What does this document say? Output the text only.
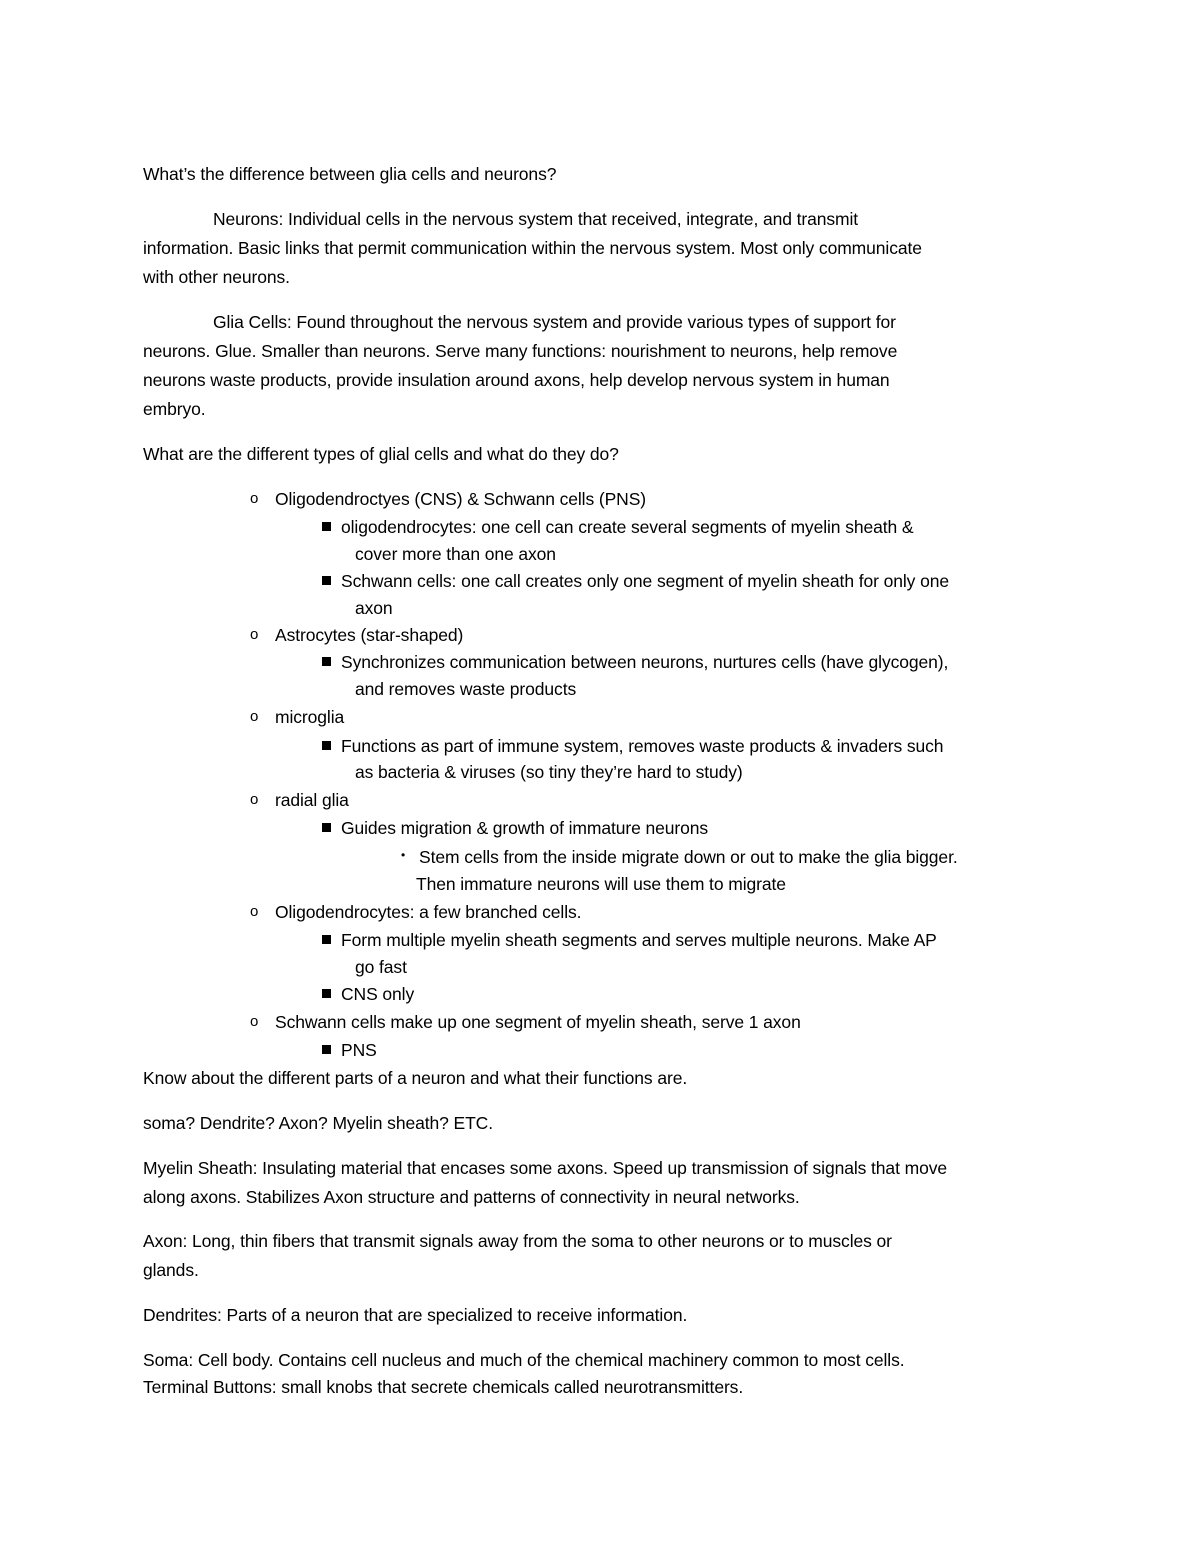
What’s the difference between glia cells and neurons?
Neurons: Individual cells in the nervous system that received, integrate, and transmit
information. Basic links that permit communication within the nervous system. Most only communicate
with other neurons.
Glia Cells: Found throughout the nervous system and provide various types of support for
neurons. Glue. Smaller than neurons. Serve many functions: nourishment to neurons, help remove
neurons waste products, provide insulation around axons, help develop nervous system in human
embryo.
What are the different types of glial cells and what do they do?
o Oligodendroctyes (CNS) & Schwann cells (PNS)
oligodendrocytes: one cell can create several segments of myelin sheath &
cover more than one axon
Schwann cells: one call creates only one segment of myelin sheath for only one
axon
o Astrocytes (star-shaped)
Synchronizes communication between neurons, nurtures cells (have glycogen),
and removes waste products
o microglia
Functions as part of immune system, removes waste products & invaders such
as bacteria & viruses (so tiny they’re hard to study)
o radial glia
Guides migration & growth of immature neurons
• Stem cells from the inside migrate down or out to make the glia bigger.
Then immature neurons will use them to migrate
o Oligodendrocytes: a few branched cells.
Form multiple myelin sheath segments and serves multiple neurons. Make AP
go fast
CNS only
o Schwann cells make up one segment of myelin sheath, serve 1 axon
PNS
Know about the different parts of a neuron and what their functions are.
soma? Dendrite? Axon? Myelin sheath? ETC.
Myelin Sheath: Insulating material that encases some axons. Speed up transmission of signals that move
along axons. Stabilizes Axon structure and patterns of connectivity in neural networks.
Axon: Long, thin fibers that transmit signals away from the soma to other neurons or to muscles or
glands.
Dendrites: Parts of a neuron that are specialized to receive information.
Soma: Cell body. Contains cell nucleus and much of the chemical machinery common to most cells.
Terminal Buttons: small knobs that secrete chemicals called neurotransmitters.
